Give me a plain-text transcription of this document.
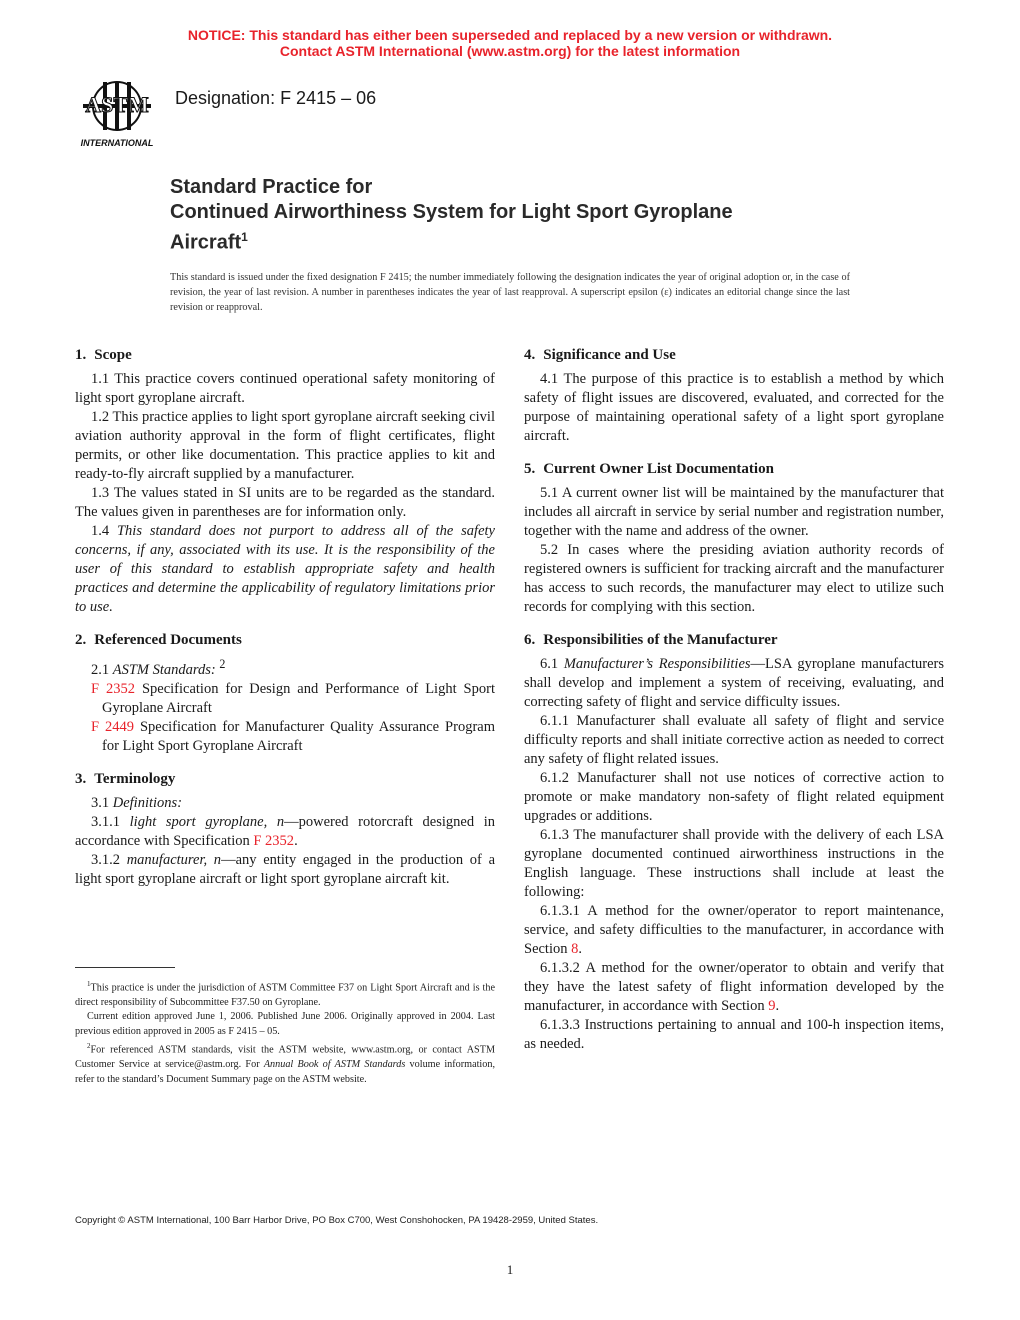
NOTICE: This standard has either been superseded and replaced by a new version or withdrawn.
Contact ASTM International (www.astm.org) for the latest information
ASTM
INTERNATIONAL
Designation: F 2415 – 06
Standard Practice for
Continued Airworthiness System for Light Sport Gyroplane
Aircraft$^1$
This standard is issued under the fixed designation F 2415; the number immediately following the designation indicates the year of original adoption or, in the case of revision, the year of last revision. A number in parentheses indicates the year of last reapproval. A superscript epsilon (ε) indicates an editorial change since the last revision or reapproval.
1. Scope

1.1 This practice covers continued operational safety monitoring of light sport gyroplane aircraft.

1.2 This practice applies to light sport gyroplane aircraft seeking civil aviation authority approval in the form of flight certificates, flight permits, or other like documentation. This practice applies to kit and ready-to-fly aircraft supplied by a manufacturer.

1.3 The values stated in SI units are to be regarded as the standard. The values given in parentheses are for information only.

1.4 This standard does not purport to address all of the safety concerns, if any, associated with its use. It is the responsibility of the user of this standard to establish appropriate safety and health practices and determine the applicability of regulatory limitations prior to use.

2. Referenced Documents

2.1 ASTM Standards: $^2$

F 2352 Specification for Design and Performance of Light Sport Gyroplane Aircraft

F 2449 Specification for Manufacturer Quality Assurance Program for Light Sport Gyroplane Aircraft

3. Terminology

3.1 Definitions:

3.1.1 light sport gyroplane, n—powered rotorcraft designed in accordance with Specification F 2352.

3.1.2 manufacturer, n—any entity engaged in the production of a light sport gyroplane aircraft or light sport gyroplane aircraft kit.

4. Significance and Use

4.1 The purpose of this practice is to establish a method by which safety of flight issues are discovered, evaluated, and corrected for the purpose of maintaining operational safety of a light sport gyroplane aircraft.

5. Current Owner List Documentation

5.1 A current owner list will be maintained by the manufacturer that includes all aircraft in service by serial number and registration number, together with the name and address of the owner.

5.2 In cases where the presiding aviation authority records of registered owners is sufficient for tracking aircraft and the manufacturer has access to such records, the manufacturer may elect to utilize such records for complying with this section.

6. Responsibilities of the Manufacturer

6.1 Manufacturer’s Responsibilities—LSA gyroplane manufacturers shall develop and implement a system of receiving, evaluating, and correcting safety of flight and service difficulty issues.

6.1.1 Manufacturer shall evaluate all safety of flight and service difficulty reports and shall initiate corrective action as needed to correct any safety of flight related issues.

6.1.2 Manufacturer shall not use notices of corrective action to promote or make mandatory non-safety of flight related equipment upgrades or additions.

6.1.3 The manufacturer shall provide with the delivery of each LSA gyroplane documented continued airworthiness instructions in the English language. These instructions shall include at least the following:

6.1.3.1 A method for the owner/operator to report maintenance, service, and safety difficulties to the manufacturer, in accordance with Section 8.

6.1.3.2 A method for the owner/operator to obtain and verify that they have the latest safety of flight information developed by the manufacturer, in accordance with Section 9.

6.1.3.3 Instructions pertaining to annual and 100-h inspection items, as needed.

$^1$This practice is under the jurisdiction of ASTM Committee F37 on Light Sport Aircraft and is the direct responsibility of Subcommittee F37.50 on Gyroplane.

Current edition approved June 1, 2006. Published June 2006. Originally approved in 2004. Last previous edition approved in 2005 as F 2415 – 05.

$^2$For referenced ASTM standards, visit the ASTM website, www.astm.org, or contact ASTM Customer Service at service@astm.org. For Annual Book of ASTM Standards volume information, refer to the standard’s Document Summary page on the ASTM website.

Copyright © ASTM International, 100 Barr Harbor Drive, PO Box C700, West Conshohocken, PA 19428-2959, United States.
1
